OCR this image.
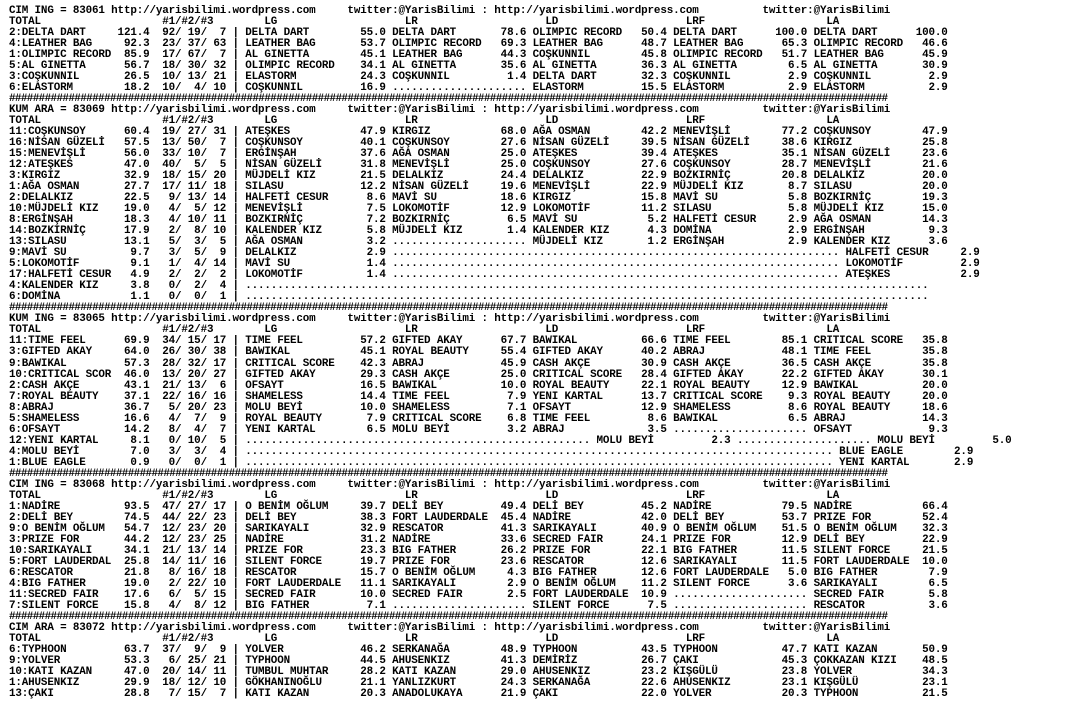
CIM ING = 83061 http://yarisbilimi.wordpress.com     twitter:@YarisBilimi : http://yarisbilimi.wordpress.com          twitter:@YarisBilimi
TOTAL                   #1/#2/#3        LG                    LR                    LD                    LRF                   LA
2:DELTA DART     121.4  92/ 19/  7 | DELTA DART        55.0 DELTA DART       78.6 OLIMPIC RECORD   50.4 DELTA DART      100.0 DELTA DART      100.0
4:LEATHER BAG     92.3  23/ 37/ 63 | LEATHER BAG       53.7 OLIMPIC RECORD   69.3 LEATHER BAG      48.7 LEATHER BAG      65.3 OLIMPIC RECORD   46.6
1:OLIMPIC RECORD  85.9  17/ 67/  7 | AL GINETTA        45.1 LEATHER BAG      44.3 COŞKUNNIL        45.8 OLIMPIC RECORD   51.7 LEATHER BAG      45.9
5:AL GINETTA      56.7  18/ 30/ 32 | OLIMPIC RECORD    34.1 AL GINETTA       35.6 AL GINETTA       36.3 AL GINETTA        6.5 AL GINETTA       30.9
3:COŞKUNNIL       26.5  10/ 13/ 21 | ELASTORM          24.3 COŞKUNNIL         1.4 DELTA DART       32.3 COŞKUNNIL         2.9 COŞKUNNIL         2.9
6:ELASTORM        18.2  10/  4/ 10 | COŞKUNNIL         16.9 ..................... ELASTORM         15.5 ELASTORM          2.9 ELASTORM          2.9
####################################################################################################################################################
KUM ARA = 83069 http://yarisbilimi.wordpress.com     twitter:@YarisBilimi : http://yarisbilimi.wordpress.com          twitter:@YarisBilimi
TOTAL                   #1/#2/#3        LG                    LR                    LD                    LRF                   LA
11:COŞKUNSOY      60.4  19/ 27/ 31 | ATEŞKES           47.9 KIRGIZ           68.0 AĞA OSMAN        42.2 MENEVİŞLİ        77.2 COŞKUNSOY        47.9
16:NİSAN GÜZELİ   57.5  13/ 50/  7 | COŞKUNSOY         40.1 COŞKUNSOY        27.6 NİSAN GÜZELİ     39.5 NİSAN GÜZELİ     38.6 KIRGIZ           25.8
15:MENEVİŞLİ      56.0  33/ 10/  7 | ERGİNŞAH          37.6 AĞA OSMAN        25.0 ATEŞKES          39.4 ATEŞKES          35.1 NİSAN GÜZELİ     23.6
12:ATEŞKES        47.0  40/  5/  5 | NİSAN GÜZELİ      31.8 MENEVİŞLİ        25.0 COŞKUNSOY        27.6 COŞKUNSOY        28.7 MENEVİŞLİ        21.6
3:KIRGIZ          32.9  18/ 15/ 20 | MÜJDELİ KIZ       21.5 DELALKIZ         24.4 DELALKIZ         22.9 BOZKIRNİÇ        20.8 DELALKIZ         20.0
1:AĞA OSMAN       27.7  17/ 11/ 18 | SILASU            12.2 NİSAN GÜZELİ     19.6 MENEVİŞLİ        22.9 MÜJDELİ KIZ       8.7 SILASU           20.0
2:DELALKIZ        22.5   9/ 13/ 14 | HALFETİ CESUR      8.6 MAVİ SU          18.6 KIRGIZ           15.8 MAVİ SU           5.8 BOZKIRNİÇ        19.3
10:MÜJDELİ KIZ    19.0   4/  5/ 12 | MENEVİŞLİ          7.5 LOKOMOTİF        12.9 LOKOMOTİF        11.2 SILASU            5.8 MÜJDELİ KIZ      15.0
8:ERGİNŞAH        18.3   4/ 10/ 11 | BOZKIRNİÇ          7.2 BOZKIRNİÇ         6.5 MAVİ SU           5.2 HALFETİ CESUR     2.9 AĞA OSMAN        14.3
14:BOZKIRNİÇ      17.9   2/  8/ 10 | KALENDER KIZ       5.8 MÜJDELİ KIZ       1.4 KALENDER KIZ      4.3 DOMİNA            2.9 ERGİNŞAH          9.3
13:SILASU         13.1   5/  3/  5 | AĞA OSMAN          3.2 ..................... MÜJDELİ KIZ       1.2 ERGİNŞAH          2.9 KALENDER KIZ      3.6
9:MAVİ SU          9.7   3/  5/  9 | DELALKIZ           2.9 ...................................................................... HALFETİ CESUR     2.9
5:LOKOMOTİF        9.1   1/  4/ 14 | MAVİ SU            1.4 ...................................................................... LOKOMOTİF         2.9
17:HALFETİ CESUR   4.9   2/  2/  2 | LOKOMOTİF          1.4 ...................................................................... ATEŞKES           2.9
4:KALENDER KIZ     3.8   0/  2/  4 | ...........................................................................................................
6:DOMİNA           1.1   0/  0/  1 | ...........................................................................................................
####################################################################################################################################################
KUM ING = 83065 http://yarisbilimi.wordpress.com     twitter:@YarisBilimi : http://yarisbilimi.wordpress.com          twitter:@YarisBilimi
TOTAL                   #1/#2/#3        LG                    LR                    LD                    LRF                   LA
11:TIME FEEL      69.9  34/ 15/ 17 | TIME FEEL         57.2 GIFTED AKAY      67.7 BAWIKAL          66.6 TIME FEEL        85.1 CRITICAL SCORE   35.8
3:GIFTED AKAY     64.0  26/ 30/ 38 | BAWIKAL           45.1 ROYAL BEAUTY     55.4 GIFTED AKAY      40.2 ABRAJ            48.1 TIME FEEL        35.8
9:BAWIKAL         57.3  28/ 32/ 17 | CRITICAL SCORE    42.3 ABRAJ            45.9 CASH AKÇE        30.9 CASH AKÇE        36.5 CASH AKÇE        35.8
10:CRITICAL SCOR  46.0  13/ 20/ 27 | GIFTED AKAY       29.3 CASH AKÇE        25.0 CRITICAL SCORE   28.4 GIFTED AKAY      22.2 GIFTED AKAY      30.1
2:CASH AKÇE       43.1  21/ 13/  6 | OFSAYT            16.5 BAWIKAL          10.0 ROYAL BEAUTY     22.1 ROYAL BEAUTY     12.9 BAWIKAL          20.0
7:ROYAL BEAUTY    37.1  22/ 16/ 16 | SHAMELESS         14.4 TIME FEEL         7.9 YENI KARTAL      13.7 CRITICAL SCORE    9.3 ROYAL BEAUTY     20.0
8:ABRAJ           36.7   5/ 20/ 23 | MOLU BEYİ         10.0 SHAMELESS         7.1 OFSAYT           12.9 SHAMELESS         8.6 ROYAL BEAUTY     18.6
5:SHAMELESS       16.6   4/  7/  9 | ROYAL BEAUTY       7.9 CRITICAL SCORE    6.8 TIME FEEL         8.6 BAWIKAL           6.5 ABRAJ            14.3
6:OFSAYT          14.2   8/  4/  7 | YENI KARTAL        6.5 MOLU BEYİ         3.2 ABRAJ             3.5 ..................... OFSAYT            9.3
12:YENI KARTAL     8.1   0/ 10/  5 | ...................................................... MOLU BEYİ         2.3 ..................... MOLU BEYİ         5.0
4:MOLU BEYİ        7.0   3/  3/  4 | ............................................................................................ BLUE EAGLE        2.9
1:BLUE EAGLE       0.9   0/  0/  1 | ............................................................................................ YENI KARTAL       2.9
####################################################################################################################################################
CIM ING = 83068 http://yarisbilimi.wordpress.com     twitter:@YarisBilimi : http://yarisbilimi.wordpress.com          twitter:@YarisBilimi
TOTAL                   #1/#2/#3        LG                    LR                    LD                    LRF                   LA
1:NADİRE          93.5  47/ 27/ 17 | O BENİM OĞLUM     39.7 DELİ BEY         49.4 DELİ BEY         45.2 NADİRE           79.5 NADİRE           66.4
2:DELİ BEY        74.5  44/ 22/ 23 | DELİ BEY          38.3 FORT LAUDERDALE  45.4 NADİRE           42.0 DELİ BEY         53.7 PRIZE FOR        52.4
9:O BENİM OĞLUM   54.7  12/ 23/ 20 | SARIKAYALI        32.9 RESCATOR         41.3 SARIKAYALI       40.9 O BENİM OĞLUM    51.5 O BENİM OĞLUM    32.3
3:PRIZE FOR       44.2  12/ 23/ 25 | NADİRE            31.2 NADİRE           33.6 SECRED FAIR      24.1 PRIZE FOR        12.9 DELİ BEY         22.9
10:SARIKAYALI     34.1  21/ 13/ 14 | PRIZE FOR         23.3 BIG FATHER       26.2 PRIZE FOR        22.1 BIG FATHER       11.5 SILENT FORCE     21.5
5:FORT LAUDERDAL  25.8  14/ 11/ 16 | SILENT FORCE      19.7 PRIZE FOR        23.6 RESCATOR         12.6 SARIKAYALI       11.5 FORT LAUDERDALE  10.0
6:RESCATOR        21.8   8/ 16/ 18 | RESCATOR          15.7 O BENİM OĞLUM     4.3 BIG FATHER       12.6 FORT LAUDERDALE   5.0 BIG FATHER        7.9
4:BIG FATHER      19.0   2/ 22/ 10 | FORT LAUDERDALE   11.1 SARIKAYALI        2.9 O BENİM OĞLUM    11.2 SILENT FORCE      3.6 SARIKAYALI        6.5
11:SECRED FAIR    17.6   6/  5/ 15 | SECRED FAIR       10.0 SECRED FAIR       2.5 FORT LAUDERDALE  10.9 ..................... SECRED FAIR       5.8
7:SILENT FORCE    15.8   4/  8/ 12 | BIG FATHER         7.1 ..................... SILENT FORCE      7.5 ..................... RESCATOR          3.6
####################################################################################################################################################
CIM ARA = 83072 http://yarisbilimi.wordpress.com     twitter:@YarisBilimi : http://yarisbilimi.wordpress.com          twitter:@YarisBilimi
TOTAL                   #1/#2/#3        LG                    LR                    LD                    LRF                   LA
6:TYPHOON         63.7  37/  9/  9 | YOLVER            46.2 SERKANAĞA        48.9 TYPHOON          43.5 TYPHOON          47.7 KATI KAZAN       50.9
9:YOLVER          53.3   6/ 25/ 21 | TYPHOON           44.5 AHUSENKIZ        41.3 DEMİRİZ          26.7 ÇAKI             45.3 ÇOKKAZAN KIZI    48.5
10:KATI KAZAN     47.0  20/ 14/ 11 | TUMBUL MUHTAR     28.2 KATI KAZAN       29.0 AHUSENKIZ        23.2 KIŞGÜLÜ          23.8 YOLVER           34.3
1:AHUSENKIZ       29.9  18/ 12/ 10 | GÖKHANINOĞLU      21.1 YANLIZKURT       24.3 SERKANAĞA        22.6 AHUSENKIZ        23.1 KIŞGÜLÜ          23.1
13:ÇAKI           28.8   7/ 15/  7 | KATI KAZAN        20.3 ANADOLUKAYA      21.9 ÇAKI             22.0 YOLVER           20.3 TYPHOON          21.5
